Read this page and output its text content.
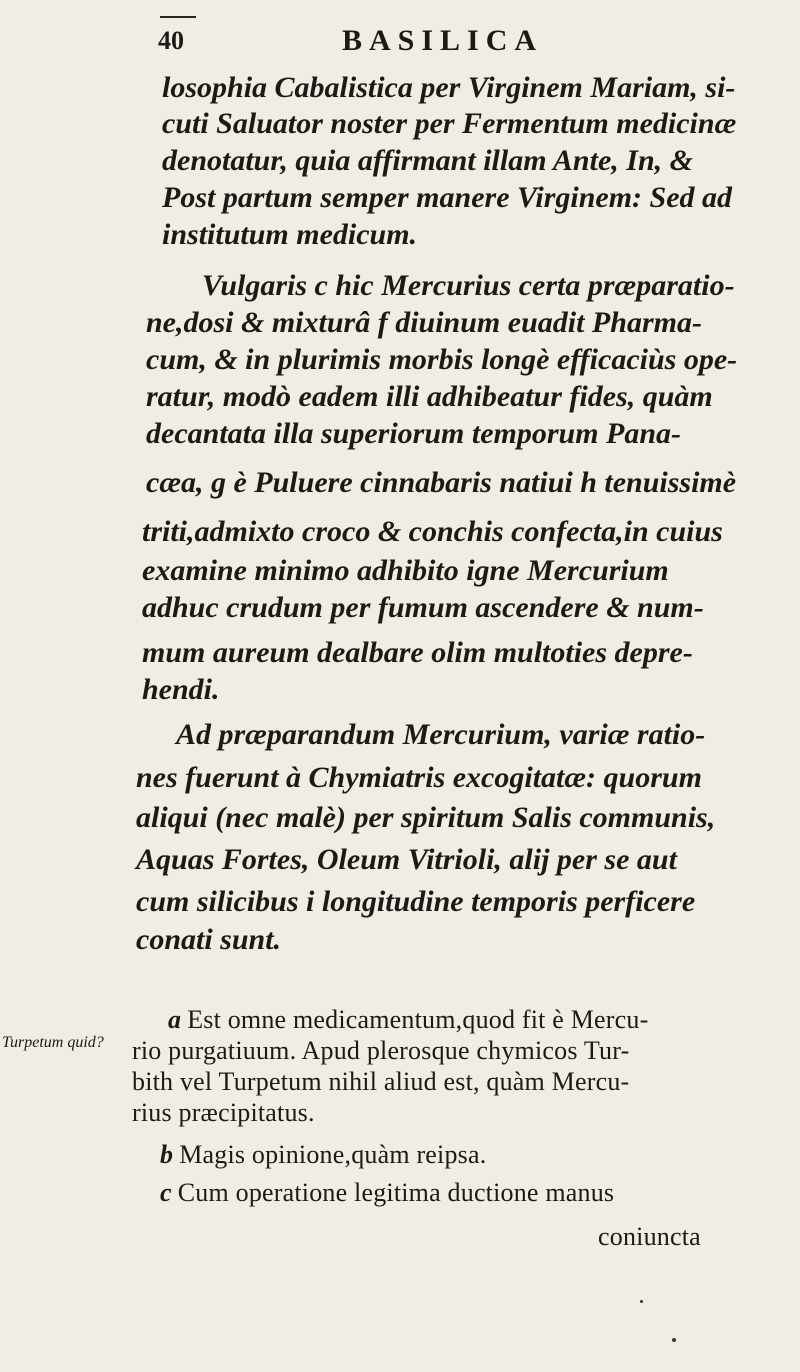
40	BASILICA
losophia Cabalistica per Virginem Mariam, si-
cuti Saluator noster per Fermentum medicinæ
denotatur, quia affirmant illam Ante, In, &
Post partum semper manere Virginem: Sed ad
institutum medicum.
Vulgaris c hic Mercurius certa præparatio-
ne,dosi & mixturâ f diuinum euadit Pharma-
cum, & in plurimis morbis longè efficaciùs ope-
ratur, modò eadem illi adhibeatur fides, quàm
decantata illa superiorum temporum Pana-
cæa, g è Puluere cinnabaris natiui h tenuissimè
triti,admixto croco & conchis confecta,in cuius
examine minimo adhibito igne Mercurium
adhuc crudum per fumum ascendere & num-
mum aureum dealbare olim multoties depre-
hendi.
Ad præparandum Mercurium, variæ ratio-
nes fuerunt à Chymiatris excogitatæ: quorum
aliqui (nec malè) per spiritum Salis communis,
Aquas Fortes, Oleum Vitrioli, alij per se aut
cum silicibus i longitudine temporis perficere
conati sunt.
Turpetum quid?
a Est omne medicamentum,quod fit è Mercu-
rio purgatiuum. Apud plerosque chymicos Tur-
bith vel Turpetum nihil aliud est, quàm Mercu-
rius præcipitatus.
b Magis opinione,quàm reipsa.
c Cum operatione legitima ductione manus
coniuncta
